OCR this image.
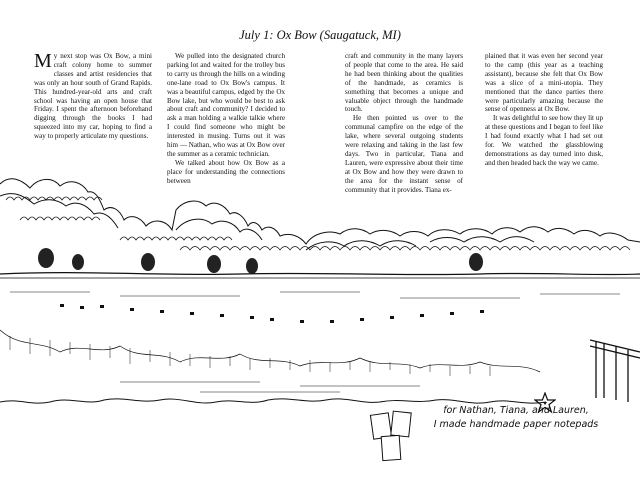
July 1: Ox Bow (Saugatuck, MI)

My next stop was Ox Bow, a mini craft colony home to summer classes and artist residencies that was only an hour south of Grand Rapids. This hundred-year-old arts and craft school was having an open house that Friday. I spent the afternoon beforehand digging through the books I had squeezed into my car, hoping to find a way to properly articulate my questions.

We pulled into the designated church parking lot and waited for the trolley bus to carry us through the hills on a winding one-lane road to Ox Bow's campus. It was a beautiful campus, edged by the Ox Bow lake, but who would be best to ask about craft and community? I decided to ask a man holding a walkie talkie where I could find someone who might be interested in musing. Turns out it was him — Nathan, who was at Ox Bow over the summer as a ceramic technician.

We talked about how Ox Bow as a place for understanding the connections between

craft and community in the many layers of people that come to the area. He said he had been thinking about the qualities of the handmade, as ceramics is something that becomes a unique and valuable object through the handmade touch.

He then pointed us over to the communal campfire on the edge of the lake, where several outgoing students were relaxing and taking in the last few days. Two in particular, Tiana and Lauren, were expressive about their time at Ox Bow and how they were drawn to the area for the instant sense of community that it provides. Tiana ex-

plained that it was even her second year to the camp (this year as a teaching assistant), because she felt that Ox Bow was a slice of a mini-utopia. They mentioned that the dance parties there were particularly amazing because the sense of openness at Ox Bow.

It was delightful to see how they lit up at these questions and I began to feel like I had found exactly what I had set out for. We watched the glassblowing demonstrations as day turned into dusk, and then headed back the way we came.

for Nathan, Tiana, and Lauren,
I made handmade paper notepads
